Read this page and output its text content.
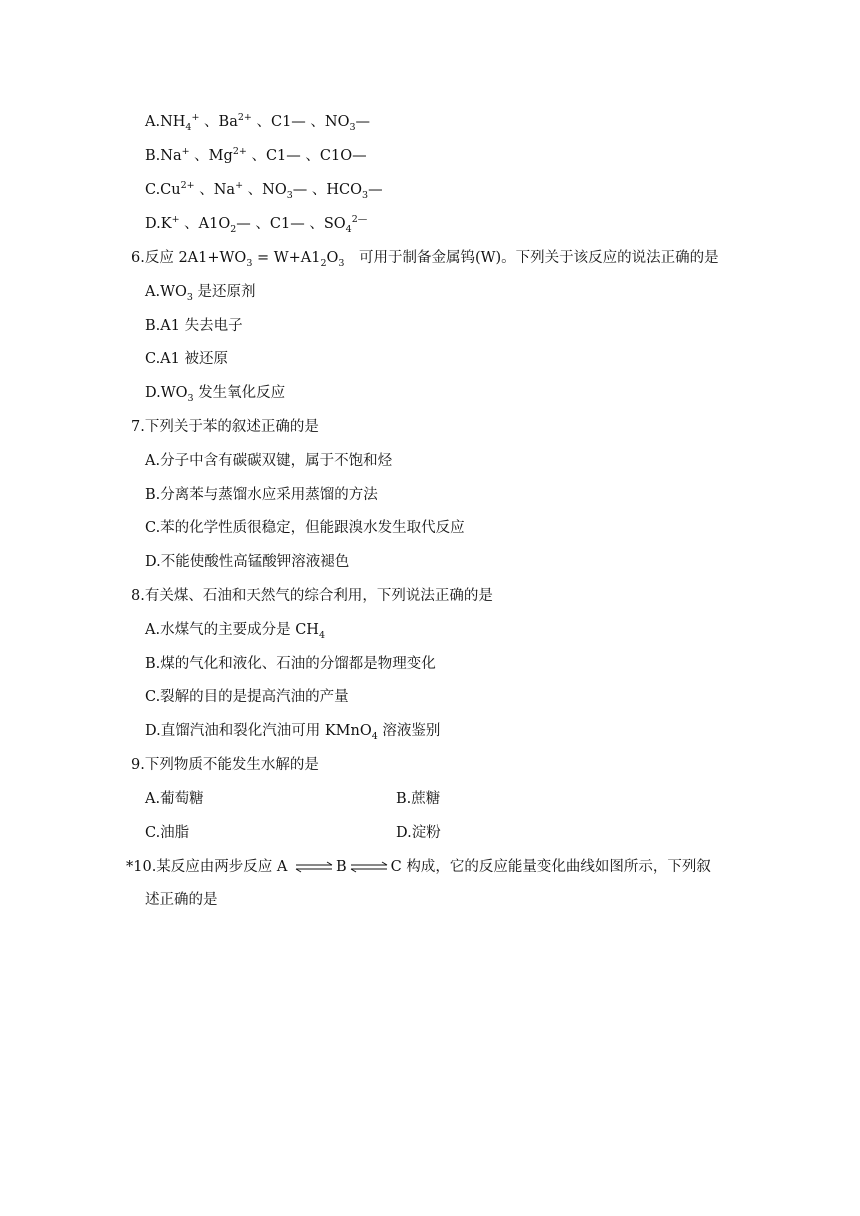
$A.NH_4^+$ 、$Ba^{2+}$ 、C1— 、$NO_3—$
B.Na+ 、$Mg^{2+}$ 、C1— 、C1O—
$C.Cu^{2+}$ 、Na+ 、$NO_3—$ 、$HCO_3—$
D.K+ 、$A1O_2—$ 、C1— 、$SO_4^{2—}$
6.反应 $2A1+WO_3 = W+A1_2O_3$　可用于制备金属钨(W)。下列关于该反应的说法正确的是
$A.WO_3$ 是还原剂
B.A1 失去电子
C.A1 被还原
$D.WO_3$ 发生氧化反应
7.下列关于苯的叙述正确的是
A.分子中含有碳碳双键，属于不饱和烃
B.分离苯与蒸馏水应采用蒸馏的方法
C.苯的化学性质很稳定，但能跟溴水发生取代反应
D.不能使酸性高锰酸钾溶液褪色
8.有关煤、石油和天然气的综合利用，下列说法正确的是
A.水煤气的主要成分是 $CH_4$
B.煤的气化和液化、石油的分馏都是物理变化
C.裂解的目的是提高汽油的产量
D.直馏汽油和裂化汽油可用 KMnO$_4$ 溶液鉴别
9.下列物质不能发生水解的是
A.葡萄糖	B.蔗糖
C.油脂	D.淀粉
*10.某反应由两步反应 A ⇌ B ⇌ C 构成，它的反应能量变化曲线如图所示，下列叙
述正确的是
